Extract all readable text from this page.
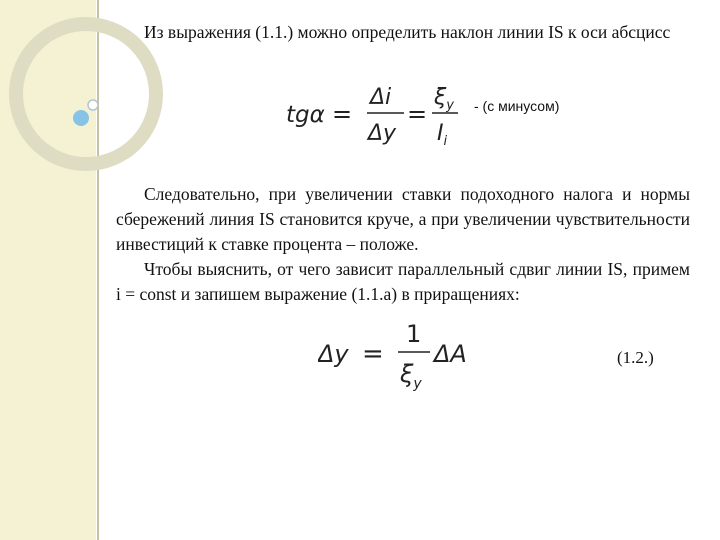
Из выражения (1.1.) можно определить наклон линии IS к оси абсцисс

tgα =
Δi
Δy
=
$\xi_y$
$I_i$
- (с минусом)

Следовательно, при увеличении ставки подоходного налога и нормы сбережений линия IS становится круче, а при увеличении чувствительности инвестиций к ставке процента – положе.

Чтобы выяснить, от чего зависит параллельный сдвиг линии IS, примем i = const и запишем выражение (1.1.а) в приращениях:

Δy =
1
$\xi_y$
ΔA	(1.2.)
